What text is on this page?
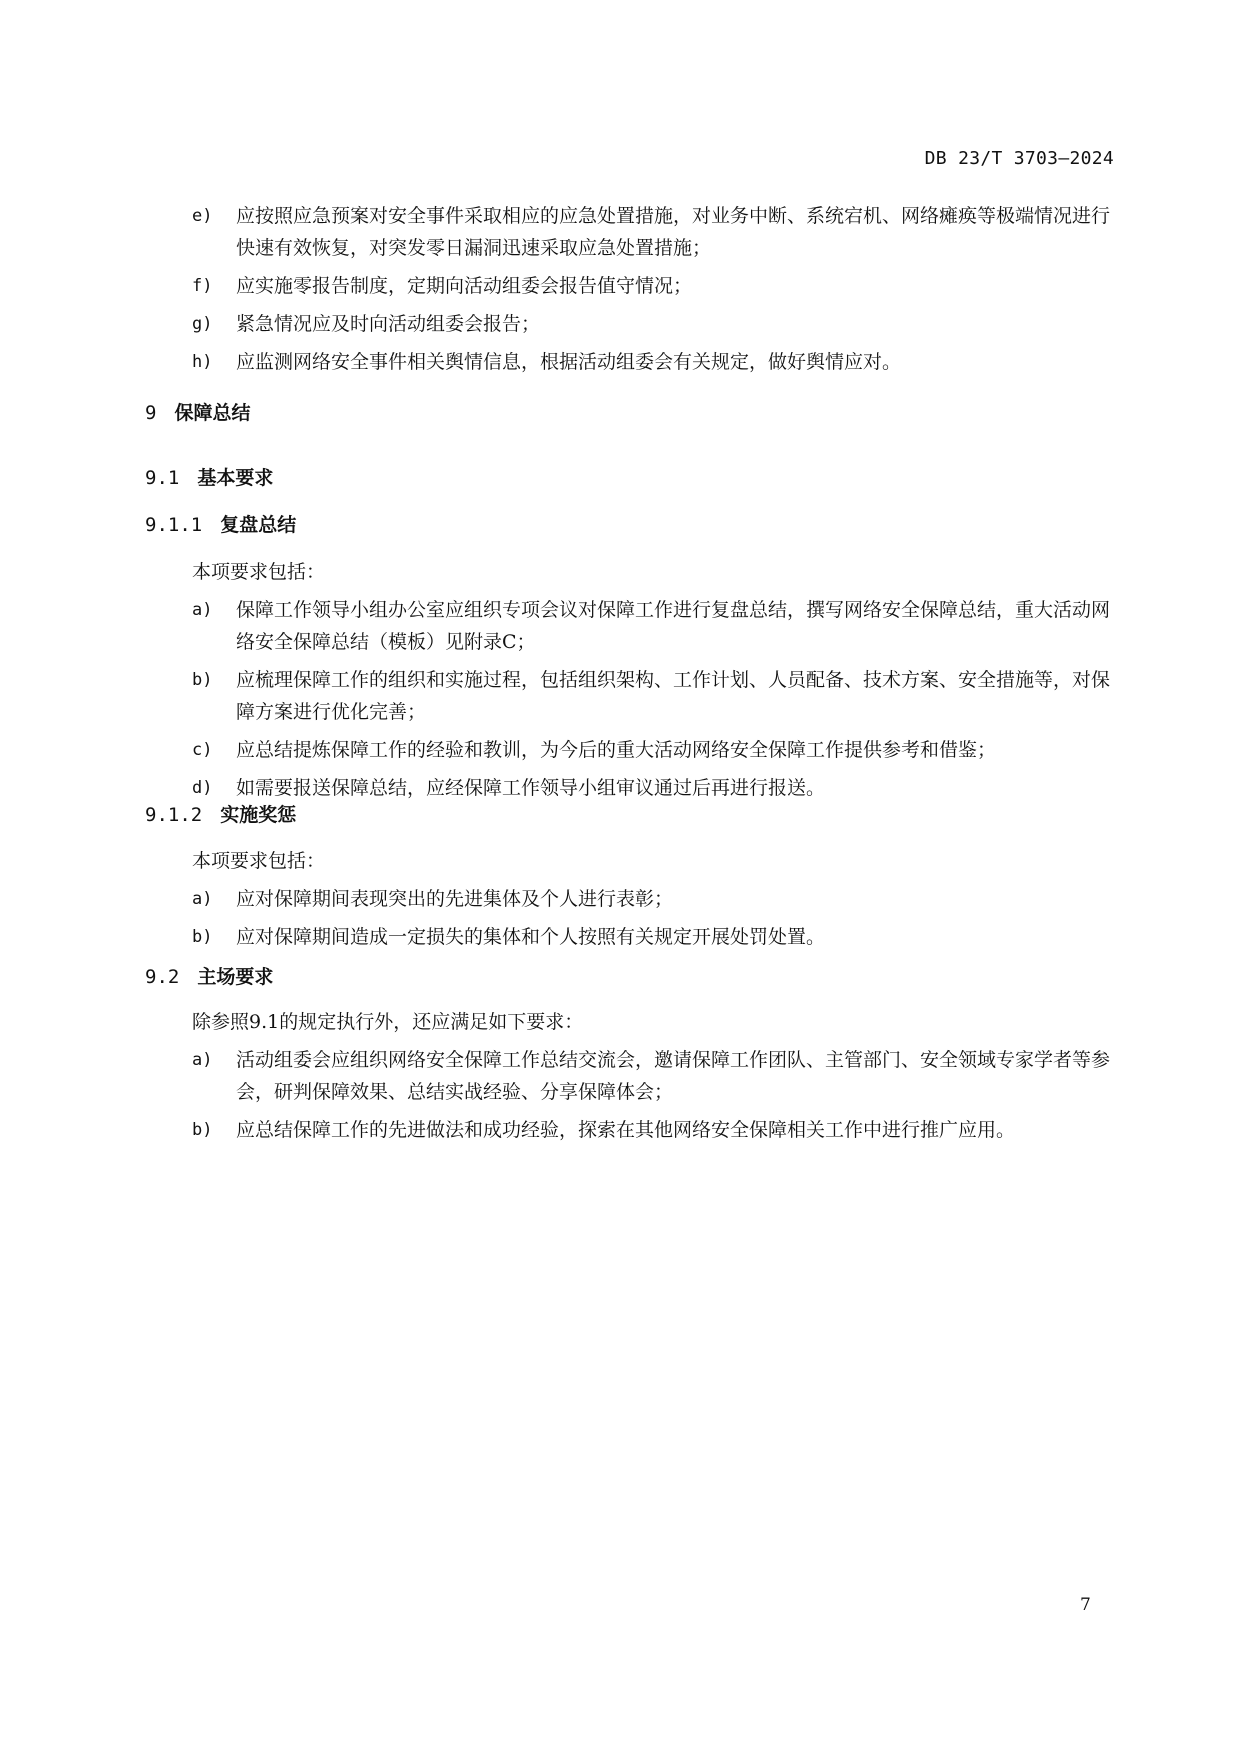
DB 23/T 3703—2024
e) 应按照应急预案对安全事件采取相应的应急处置措施，对业务中断、系统宕机、网络瘫痪等极端情况进行快速有效恢复，对突发零日漏洞迅速采取应急处置措施；
f) 应实施零报告制度，定期向活动组委会报告值守情况；
g) 紧急情况应及时向活动组委会报告；
h) 应监测网络安全事件相关舆情信息，根据活动组委会有关规定，做好舆情应对。
9 保障总结
9.1 基本要求
9.1.1 复盘总结
本项要求包括：
a) 保障工作领导小组办公室应组织专项会议对保障工作进行复盘总结，撰写网络安全保障总结，重大活动网络安全保障总结（模板）见附录C；
b) 应梳理保障工作的组织和实施过程，包括组织架构、工作计划、人员配备、技术方案、安全措施等，对保障方案进行优化完善；
c) 应总结提炼保障工作的经验和教训，为今后的重大活动网络安全保障工作提供参考和借鉴；
d) 如需要报送保障总结，应经保障工作领导小组审议通过后再进行报送。
9.1.2 实施奖惩
本项要求包括：
a) 应对保障期间表现突出的先进集体及个人进行表彰；
b) 应对保障期间造成一定损失的集体和个人按照有关规定开展处罚处置。
9.2 主场要求
除参照9.1的规定执行外，还应满足如下要求：
a) 活动组委会应组织网络安全保障工作总结交流会，邀请保障工作团队、主管部门、安全领域专家学者等参会，研判保障效果、总结实战经验、分享保障体会；
b) 应总结保障工作的先进做法和成功经验，探索在其他网络安全保障相关工作中进行推广应用。
7
